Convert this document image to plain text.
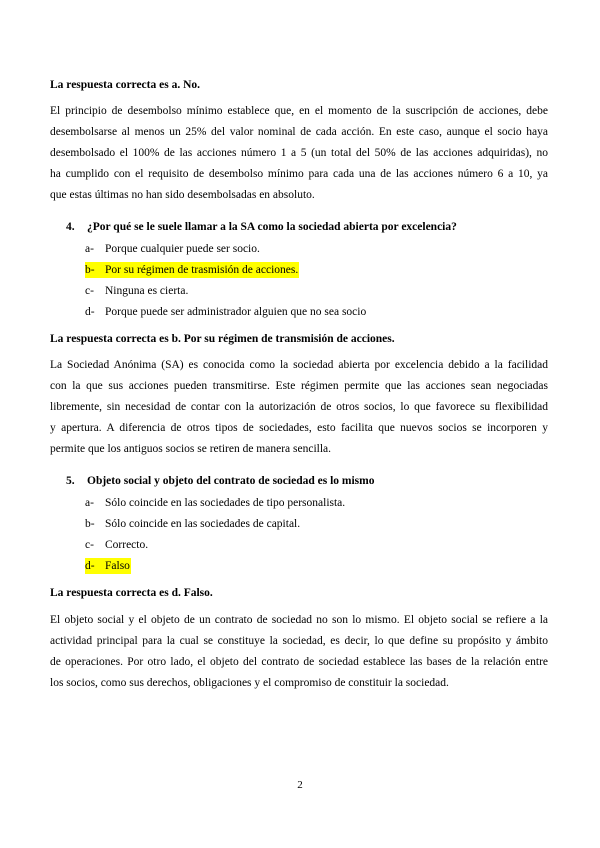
La respuesta correcta es a. No.
El principio de desembolso mínimo establece que, en el momento de la suscripción de acciones, debe
desembolsarse al menos un 25% del valor nominal de cada acción. En este caso, aunque el socio haya
desembolsado el 100% de las acciones número 1 a 5 (un total del 50% de las acciones adquiridas), no
ha cumplido con el requisito de desembolso mínimo para cada una de las acciones número 6 a 10, ya
que estas últimas no han sido desembolsadas en absoluto.
4. ¿Por qué se le suele llamar a la SA como la sociedad abierta por excelencia?
a- Porque cualquier puede ser socio.
b- Por su régimen de trasmisión de acciones.
c- Ninguna es cierta.
d- Porque puede ser administrador alguien que no sea socio
La respuesta correcta es b. Por su régimen de transmisión de acciones.
La Sociedad Anónima (SA) es conocida como la sociedad abierta por excelencia debido a la facilidad
con la que sus acciones pueden transmitirse. Este régimen permite que las acciones sean negociadas
libremente, sin necesidad de contar con la autorización de otros socios, lo que favorece su flexibilidad
y apertura. A diferencia de otros tipos de sociedades, esto facilita que nuevos socios se incorporen y
permite que los antiguos socios se retiren de manera sencilla.
5. Objeto social y objeto del contrato de sociedad es lo mismo
a- Sólo coincide en las sociedades de tipo personalista.
b- Sólo coincide en las sociedades de capital.
c- Correcto.
d- Falso
La respuesta correcta es d. Falso.
El objeto social y el objeto de un contrato de sociedad no son lo mismo. El objeto social se refiere a la
actividad principal para la cual se constituye la sociedad, es decir, lo que define su propósito y ámbito
de operaciones. Por otro lado, el objeto del contrato de sociedad establece las bases de la relación entre
los socios, como sus derechos, obligaciones y el compromiso de constituir la sociedad.
2
